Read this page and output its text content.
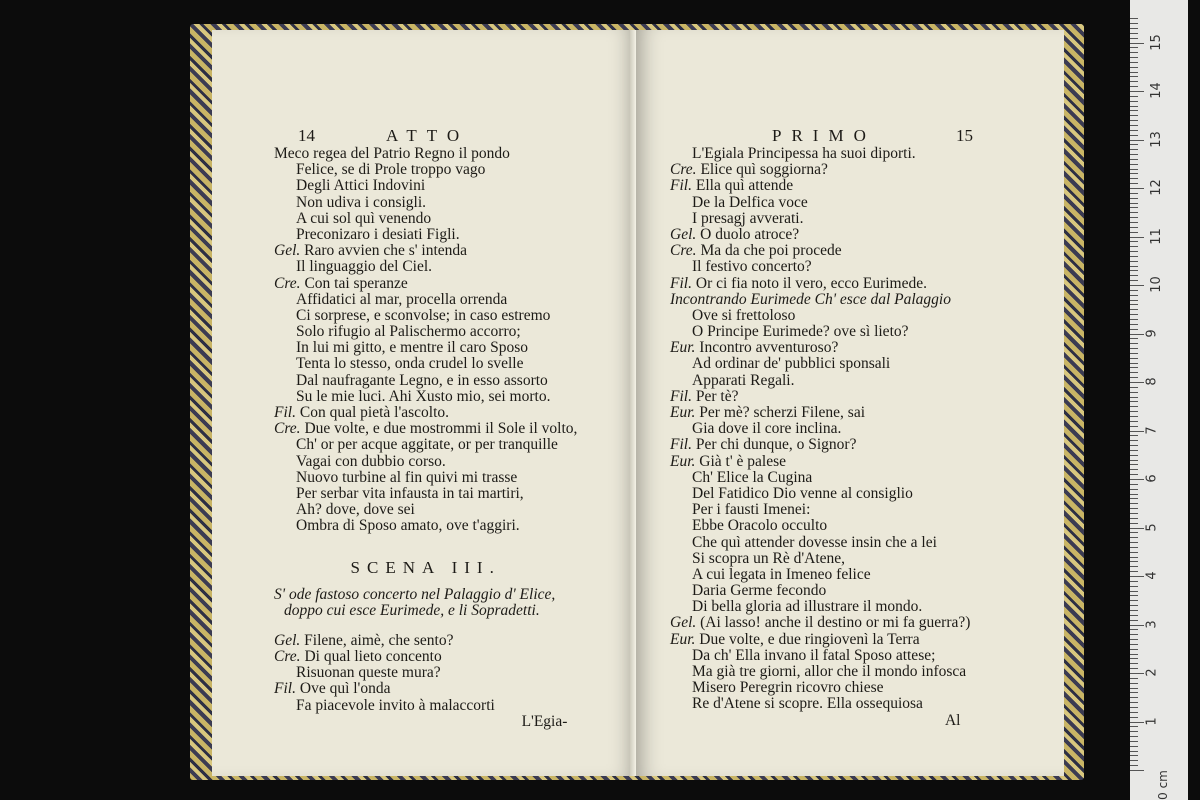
14	ATTO
Meco regea del Patrio Regno il pondo
Felice, se di Prole troppo vago
Degli Attici Indovini
Non udiva i consigli.
A cui sol quì venendo
Preconizaro i desiati Figli.
Gel. Raro avvien che s' intenda
Il linguaggio del Ciel.
Cre. Con tai speranze
Affidatici al mar, procella orrenda
Ci sorprese, e sconvolse; in caso estremo
Solo rifugio al Palischermo accorro;
In lui mi gitto, e mentre il caro Sposo
Tenta lo stesso, onda crudel lo svelle
Dal naufragante Legno, e in esso assorto
Su le mie luci. Ahi Xusto mio, sei morto.
Fil. Con qual pietà l'ascolto.
Cre. Due volte, e due mostrommi il Sole il volto,
Ch' or per acque aggitate, or per tranquille
Vagai con dubbio corso.
Nuovo turbine al fin quivi mi trasse
Per serbar vita infausta in tai martiri,
Ah? dove, dove sei
Ombra di Sposo amato, ove t'aggiri.
SCENA III.
S' ode fastoso concerto nel Palaggio d' Elice,
doppo cui esce Eurimede, e li Sopradetti.
Gel. Filene, aimè, che sento?
Cre. Di qual lieto concento
Risuonan queste mura?
Fil. Ove quì l'onda
Fa piacevole invito à malaccorti
L'Egia-
PRIMO	15
L'Egiala Principessa ha suoi diporti.
Cre. Elice quì soggiorna?
Fil. Ella quì attende
De la Delfica voce
I presagj avverati.
Gel. O duolo atroce?
Cre. Ma da che poi procede
Il festivo concerto?
Fil. Or ci fia noto il vero, ecco Eurimede.
Incontrando Eurimede Ch' esce dal Palaggio
Ove si frettoloso
O Principe Eurimede? ove sì lieto?
Eur. Incontro avventuroso?
Ad ordinar de' pubblici sponsali
Apparati Regali.
Fil. Per tè?
Eur. Per mè? scherzi Filene, sai
Gia dove il core inclina.
Fil. Per chi dunque, o Signor?
Eur. Già t' è palese
Ch' Elice la Cugina
Del Fatidico Dio venne al consiglio
Per i fausti Imenei:
Ebbe Oracolo occulto
Che quì attender dovesse insin che a lei
Si scopra un Rè d'Atene,
A cui legata in Imeneo felice
Daria Germe fecondo
Di bella gloria ad illustrare il mondo.
Gel. (Ai lasso! anche il destino or mi fa guerra?)
Eur. Due volte, e due ringiovenì la Terra
Da ch' Ella invano il fatal Sposo attese;
Ma già tre giorni, allor che il mondo infosca
Misero Peregrin ricovro chiese
Re d'Atene si scopre. Ella ossequiosa
Al	1
2
3
4
5
6
7
8
9
10
11
12
13
14
15
0 cm
